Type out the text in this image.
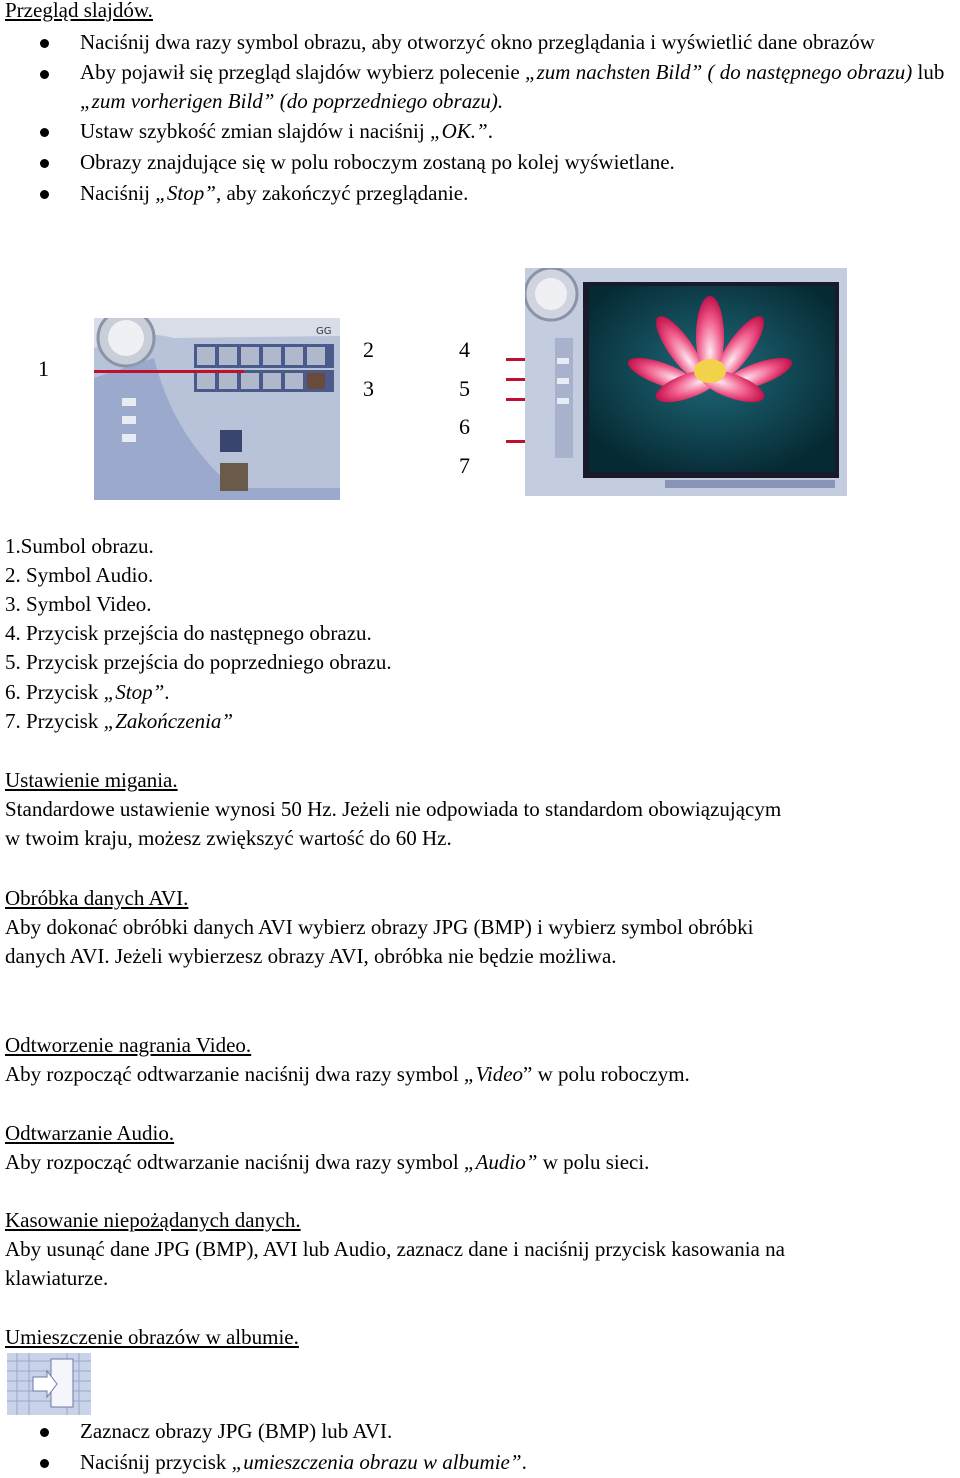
Przegląd slajdów.
Naciśnij dwa razy symbol obrazu, aby otworzyć okno przeglądania i wyświetlić dane obrazów
Aby pojawił się przegląd slajdów wybierz polecenie „zum nachsten Bild” ( do następnego obrazu) lub „zum vorherigen Bild” (do poprzedniego obrazu).
Ustaw szybkość zmian slajdów i naciśnij „OK.”.
Obrazy znajdujące się w polu roboczym zostaną po kolej wyświetlane.
Naciśnij „Stop”, aby zakończyć przeglądanie.
GG
1
2
3
4
5
6
7
1.Sumbol obrazu.
2. Symbol Audio.
3. Symbol Video.
4. Przycisk przejścia do następnego obrazu.
5. Przycisk przejścia do poprzedniego obrazu.
6. Przycisk „Stop”.
7. Przycisk „Zakończenia”
Ustawienie migania.
Standardowe ustawienie wynosi 50 Hz. Jeżeli nie odpowiada to standardom obowiązującym
w twoim kraju, możesz zwiększyć wartość do 60 Hz.
Obróbka danych AVI.
Aby dokonać obróbki danych AVI wybierz obrazy JPG (BMP) i wybierz symbol obróbki
danych AVI. Jeżeli wybierzesz obrazy AVI, obróbka nie będzie możliwa.
Odtworzenie nagrania Video.
Aby rozpocząć odtwarzanie naciśnij dwa razy symbol „Video” w polu roboczym.
Odtwarzanie Audio.
Aby rozpocząć odtwarzanie naciśnij dwa razy symbol „Audio” w polu sieci.
Kasowanie niepożądanych danych.
Aby usunąć dane JPG (BMP), AVI lub Audio, zaznacz dane i naciśnij przycisk kasowania na
klawiaturze.
Umieszczenie obrazów w albumie.
Zaznacz obrazy JPG (BMP) lub AVI.
Naciśnij przycisk „umieszczenia obrazu w albumie”.
